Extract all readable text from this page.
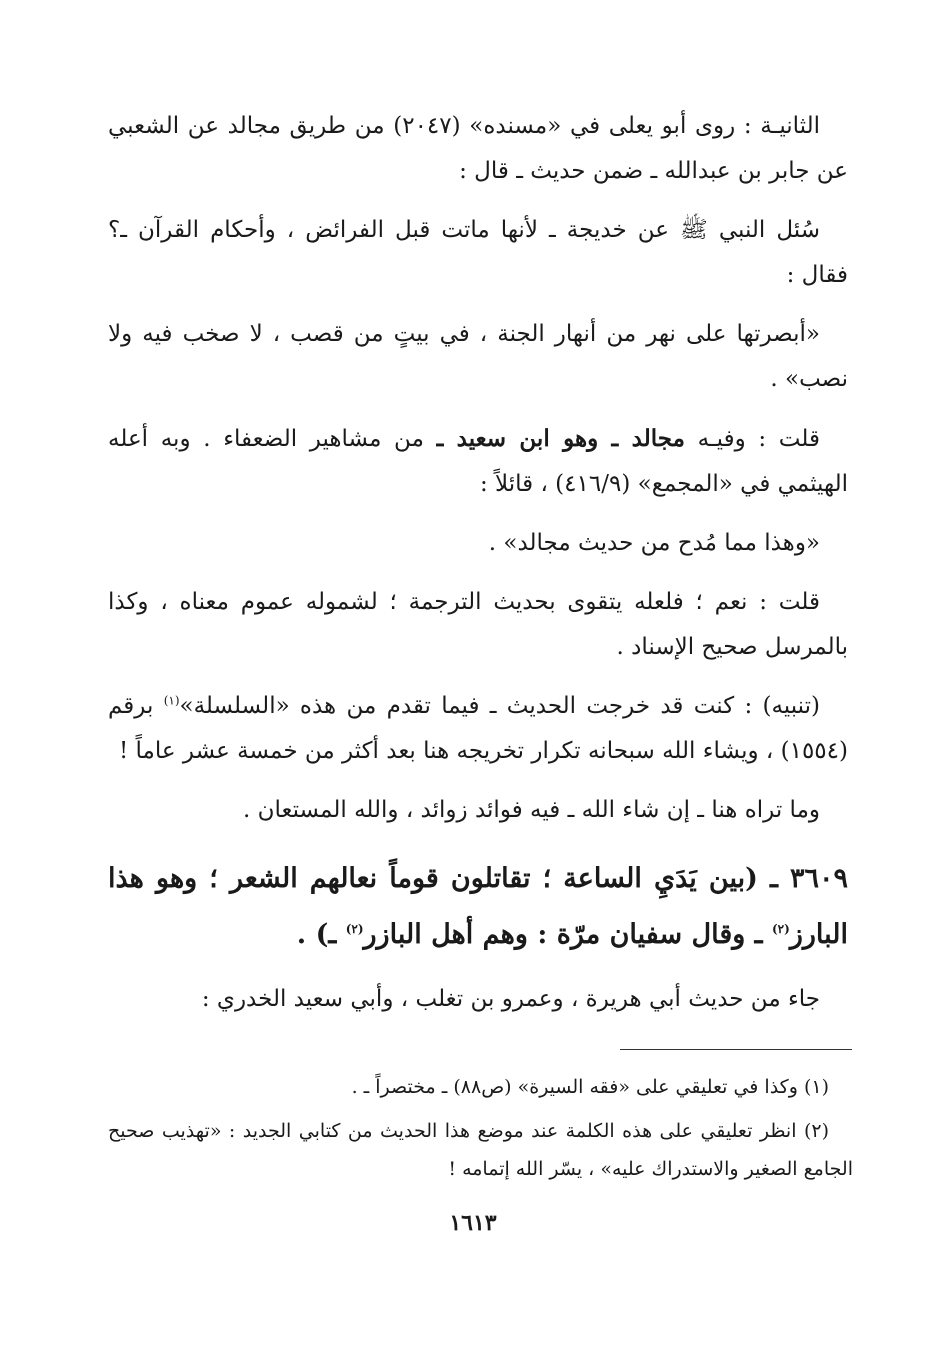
الثانيـة : روى أبو يعلى في «مسنده» (٢٠٤٧) من طريق مجالد عن الشعبي عن جابر بن عبدالله ـ ضمن حديث ـ قال :

سُئل النبي ﷺ عن خديجة ـ لأنها ماتت قبل الفرائض ، وأحكام القرآن ـ؟ فقال :

«أبصرتها على نهر من أنهار الجنة ، في بيتٍ من قصب ، لا صخب فيه ولا نصب» .

قلت : وفيـه مجالد ـ وهو ابن سعيد ـ من مشاهير الضعفاء . وبه أعله الهيثمي في «المجمع» (٤١٦/٩) ، قائلاً :

«وهذا مما مُدح من حديث مجالد» .

قلت : نعم ؛ فلعله يتقوى بحديث الترجمة ؛ لشموله عموم معناه ، وكذا بالمرسل صحيح الإسناد .

(تنبيه) : كنت قد خرجت الحديث ـ فيما تقدم من هذه «السلسلة»$^{(١)}$ برقم (١٥٥٤) ، ويشاء الله سبحانه تكرار تخريجه هنا بعد أكثر من خمسة عشر عاماً !

وما تراه هنا ـ إن شاء الله ـ فيه فوائد زوائد ، والله المستعان .

٣٦٠٩ ـ (بين يَدَيِ الساعة ؛ تقاتلون قوماً نعالهم الشعر ؛ وهو هذا البارز$^{(٢)}$ ـ وقال سفيان مرّة : وهم أهل البازر$^{(٢)}$ ـ) .

جاء من حديث أبي هريرة ، وعمرو بن تغلب ، وأبي سعيد الخدري :

(١) وكذا في تعليقي على «فقه السيرة» (ص٨٨) ـ مختصراً ـ .

(٢) انظر تعليقي على هذه الكلمة عند موضع هذا الحديث من كتابي الجديد : «تهذيب صحيح الجامع الصغير والاستدراك عليه» ، يسّر الله إتمامه !

١٦١٣
